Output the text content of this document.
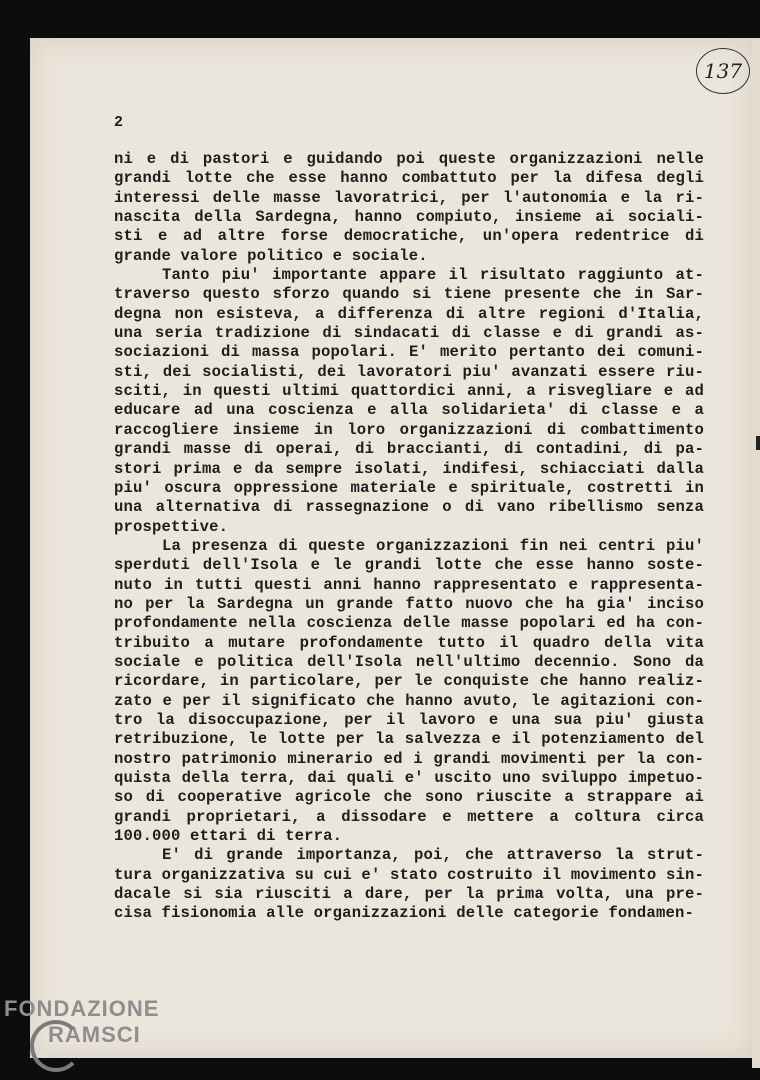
137
2
ni e di pastori e guidando poi queste organizzazioni nelle
grandi lotte che esse hanno combattuto per la difesa degli
interessi delle masse lavoratrici, per l'autonomia e la ri-
nascita della Sardegna, hanno compiuto, insieme ai sociali-
sti e ad altre forse democratiche, un'opera redentrice di
grande valore politico e sociale.
Tanto piu' importante appare il risultato raggiunto at-
traverso questo sforzo quando si tiene presente che in Sar-
degna non esisteva, a differenza di altre regioni d'Italia,
una seria tradizione di sindacati di classe e di grandi as-
sociazioni di massa popolari. E' merito pertanto dei comuni-
sti, dei socialisti, dei lavoratori piu' avanzati essere riu-
sciti, in questi ultimi quattordici anni, a risvegliare e ad
educare ad una coscienza e alla solidarieta' di classe e a
raccogliere insieme in loro organizzazioni di combattimento
grandi masse di operai, di braccianti, di contadini, di pa-
stori prima e da sempre isolati, indifesi, schiacciati dalla
piu' oscura oppressione materiale e spirituale, costretti in
una alternativa di rassegnazione o di vano ribellismo senza
prospettive.
La presenza di queste organizzazioni fin nei centri piu'
sperduti dell'Isola e le grandi lotte che esse hanno soste-
nuto in tutti questi anni hanno rappresentato e rappresenta-
no per la Sardegna un grande fatto nuovo che ha gia' inciso
profondamente nella coscienza delle masse popolari ed ha con-
tribuito a mutare profondamente tutto il quadro della vita
sociale e politica dell'Isola nell'ultimo decennio. Sono da
ricordare, in particolare, per le conquiste che hanno realiz-
zato e per il significato che hanno avuto, le agitazioni con-
tro la disoccupazione, per il lavoro e una sua piu' giusta
retribuzione, le lotte per la salvezza e il potenziamento del
nostro patrimonio minerario ed i grandi movimenti per la con-
quista della terra, dai quali e' uscito uno sviluppo impetuo-
so di cooperative agricole che sono riuscite a strappare ai
grandi proprietari, a dissodare e mettere a coltura circa
100.000 ettari di terra.
E' di grande importanza, poi, che attraverso la strut-
tura organizzativa su cui e' stato costruito il movimento sin-
dacale si sia riusciti a dare, per la prima volta, una pre-
cisa fisionomia alle organizzazioni delle categorie fondamen-
FONDAZIONE
RAMSCI
